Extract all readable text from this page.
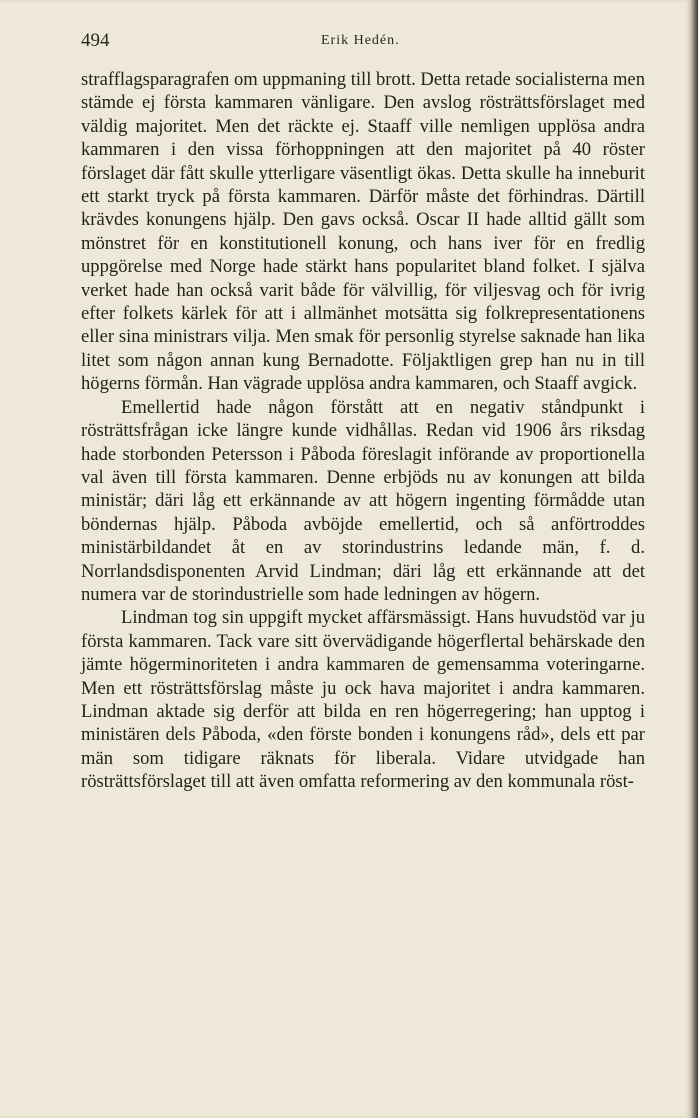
494	Erik Hedén.

strafflagsparagrafen om uppmaning till brott. Detta retade socialisterna men stämde ej första kammaren vänligare. Den avslog rösträttsförslaget med väldig majoritet. Men det räckte ej. Staaff ville nemligen upplösa andra kammaren i den vissa förhoppningen att den majoritet på 40 röster förslaget där fått skulle ytterligare väsentligt ökas. Detta skulle ha inneburit ett starkt tryck på första kammaren. Därför måste det förhindras. Därtill krävdes konungens hjälp. Den gavs också. Oscar II hade alltid gällt som mönstret för en konstitutionell konung, och hans iver för en fredlig uppgörelse med Norge hade stärkt hans popularitet bland folket. I själva verket hade han också varit både för välvillig, för viljesvag och för ivrig efter folkets kärlek för att i allmänhet motsätta sig folkrepresentationens eller sina ministrars vilja. Men smak för personlig styrelse saknade han lika litet som någon annan kung Bernadotte. Följaktligen grep han nu in till högerns förmån. Han vägrade upplösa andra kammaren, och Staaff avgick.

Emellertid hade någon förstått att en negativ ståndpunkt i rösträttsfrågan icke längre kunde vidhållas. Redan vid 1906 års riksdag hade storbonden Petersson i Påboda föreslagit införande av proportionella val även till första kammaren. Denne erbjöds nu av konungen att bilda ministär; däri låg ett erkännande av att högern ingenting förmådde utan böndernas hjälp. Påboda avböjde emellertid, och så anförtroddes ministärbildandet åt en av storindustrins ledande män, f. d. Norrlandsdisponenten Arvid Lindman; däri låg ett erkännande att det numera var de storindustrielle som hade ledningen av högern.

Lindman tog sin uppgift mycket affärsmässigt. Hans huvudstöd var ju första kammaren. Tack vare sitt övervädigande högerflertal behärskade den jämte högerminoriteten i andra kammaren de gemensamma voteringarne. Men ett rösträttsförslag måste ju ock hava majoritet i andra kammaren. Lindman aktade sig derför att bilda en ren högerregering; han upptog i ministären dels Påboda, «den förste bonden i konungens råd», dels ett par män som tidigare räknats för liberala. Vidare utvidgade han rösträttsförslaget till att även omfatta reformering av den kommunala röst-
